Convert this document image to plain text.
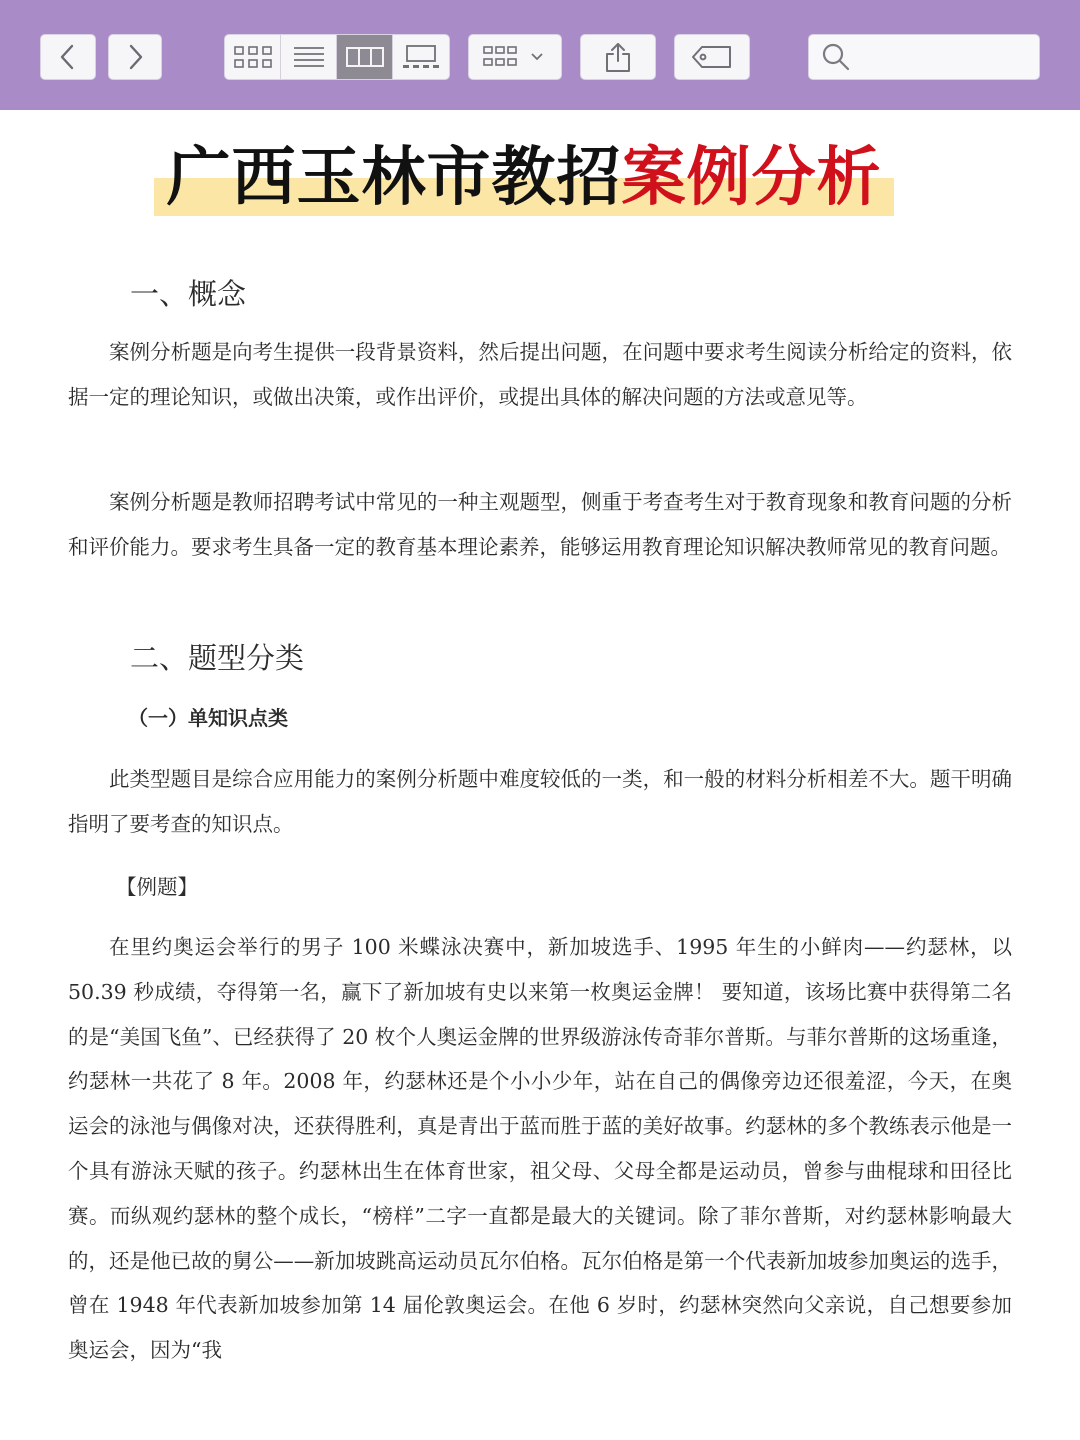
广西玉林市教招案例分析
一、概念

案例分析题是向考生提供一段背景资料，然后提出问题，在问题中要求考生阅读分析给定的资料，依据一定的理论知识，或做出决策，或作出评价，或提出具体的解决问题的方法或意见等。

案例分析题是教师招聘考试中常见的一种主观题型，侧重于考查考生对于教育现象和教育问题的分析和评价能力。要求考生具备一定的教育基本理论素养，能够运用教育理论知识解决教师常见的教育问题。

二、题型分类
（一）单知识点类

此类型题目是综合应用能力的案例分析题中难度较低的一类，和一般的材料分析相差不大。题干明确指明了要考查的知识点。

【例题】

在里约奥运会举行的男子 100 米蝶泳决赛中，新加坡选手、1995 年生的小鲜肉——约瑟林，以 50.39 秒成绩，夺得第一名，赢下了新加坡有史以来第一枚奥运金牌！ 要知道，该场比赛中获得第二名的是“美国飞鱼”、已经获得了 20 枚个人奥运金牌的世界级游泳传奇菲尔普斯。与菲尔普斯的这场重逢，约瑟林一共花了 8 年。2008 年，约瑟林还是个小小少年，站在自己的偶像旁边还很羞涩，今天，在奥运会的泳池与偶像对决，还获得胜利，真是青出于蓝而胜于蓝的美好故事。约瑟林的多个教练表示他是一个具有游泳天赋的孩子。约瑟林出生在体育世家，祖父母、父母全都是运动员，曾参与曲棍球和田径比赛。而纵观约瑟林的整个成长，“榜样”二字一直都是最大的关键词。除了菲尔普斯，对约瑟林影响最大的，还是他已故的舅公——新加坡跳高运动员瓦尔伯格。瓦尔伯格是第一个代表新加坡参加奥运的选手，曾在 1948 年代表新加坡参加第 14 届伦敦奥运会。在他 6 岁时，约瑟林突然向父亲说，自己想要参加奥运会，因为“我
